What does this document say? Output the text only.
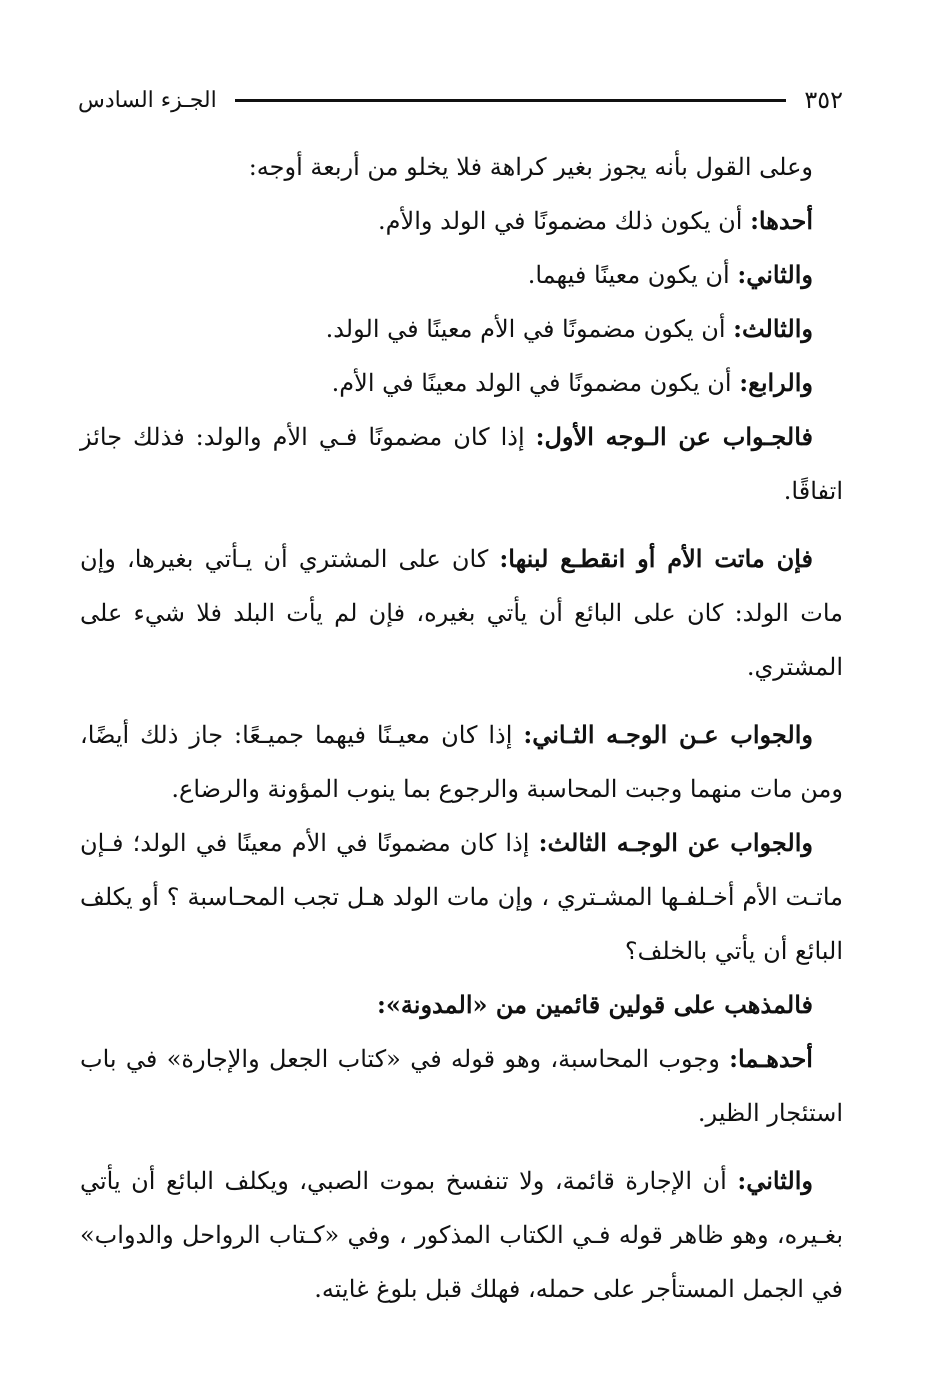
٣٥٢
الجـزء السادس

وعلى القول بأنه يجوز بغير كراهة فلا يخلو من أربعة أوجه:

أحدها: أن يكون ذلك مضمونًا في الولد والأم.

والثاني: أن يكون معينًا فيهما.

والثالث: أن يكون مضمونًا في الأم معينًا في الولد.

والرابع: أن يكون مضمونًا في الولد معينًا في الأم.

فالجـواب عن الـوجه الأول: إذا كان مضمونًا فـي الأم والولد: فذلك جائز اتفاقًا.

فإن ماتت الأم أو انقطـع لبنها: كان على المشتري أن يـأتي بغيرها، وإن مات الولد: كان على البائع أن يأتي بغيره، فإن لم يأت البلد فلا شيء على المشتري.

والجواب عـن الوجـه الثـاني: إذا كان معيـنًا فيهما جميـعًا: جاز ذلك أيضًا، ومن مات منهما وجبت المحاسبة والرجوع بما ينوب المؤونة والرضاع.

والجواب عن الوجـه الثالث: إذا كان مضمونًا في الأم معينًا في الولد؛ فـإن ماتـت الأم أخـلفـها المشـتري ، وإن مات الولد هـل تجب المحـاسبة ؟ أو يكلف البائع أن يأتي بالخلف؟

فالمذهب على قولين قائمين من «المدونة»:

أحدهـما: وجوب المحاسبة، وهو قوله في «كتاب الجعل والإجارة» في باب استئجار الظير.

والثاني: أن الإجارة قائمة، ولا تنفسخ بموت الصبي، ويكلف البائع أن يأتي بغـيره، وهو ظاهر قوله فـي الكتاب المذكور ، وفي «كـتاب الرواحل والدواب» في الجمل المستأجر على حمله، فهلك قبل بلوغ غايته.
